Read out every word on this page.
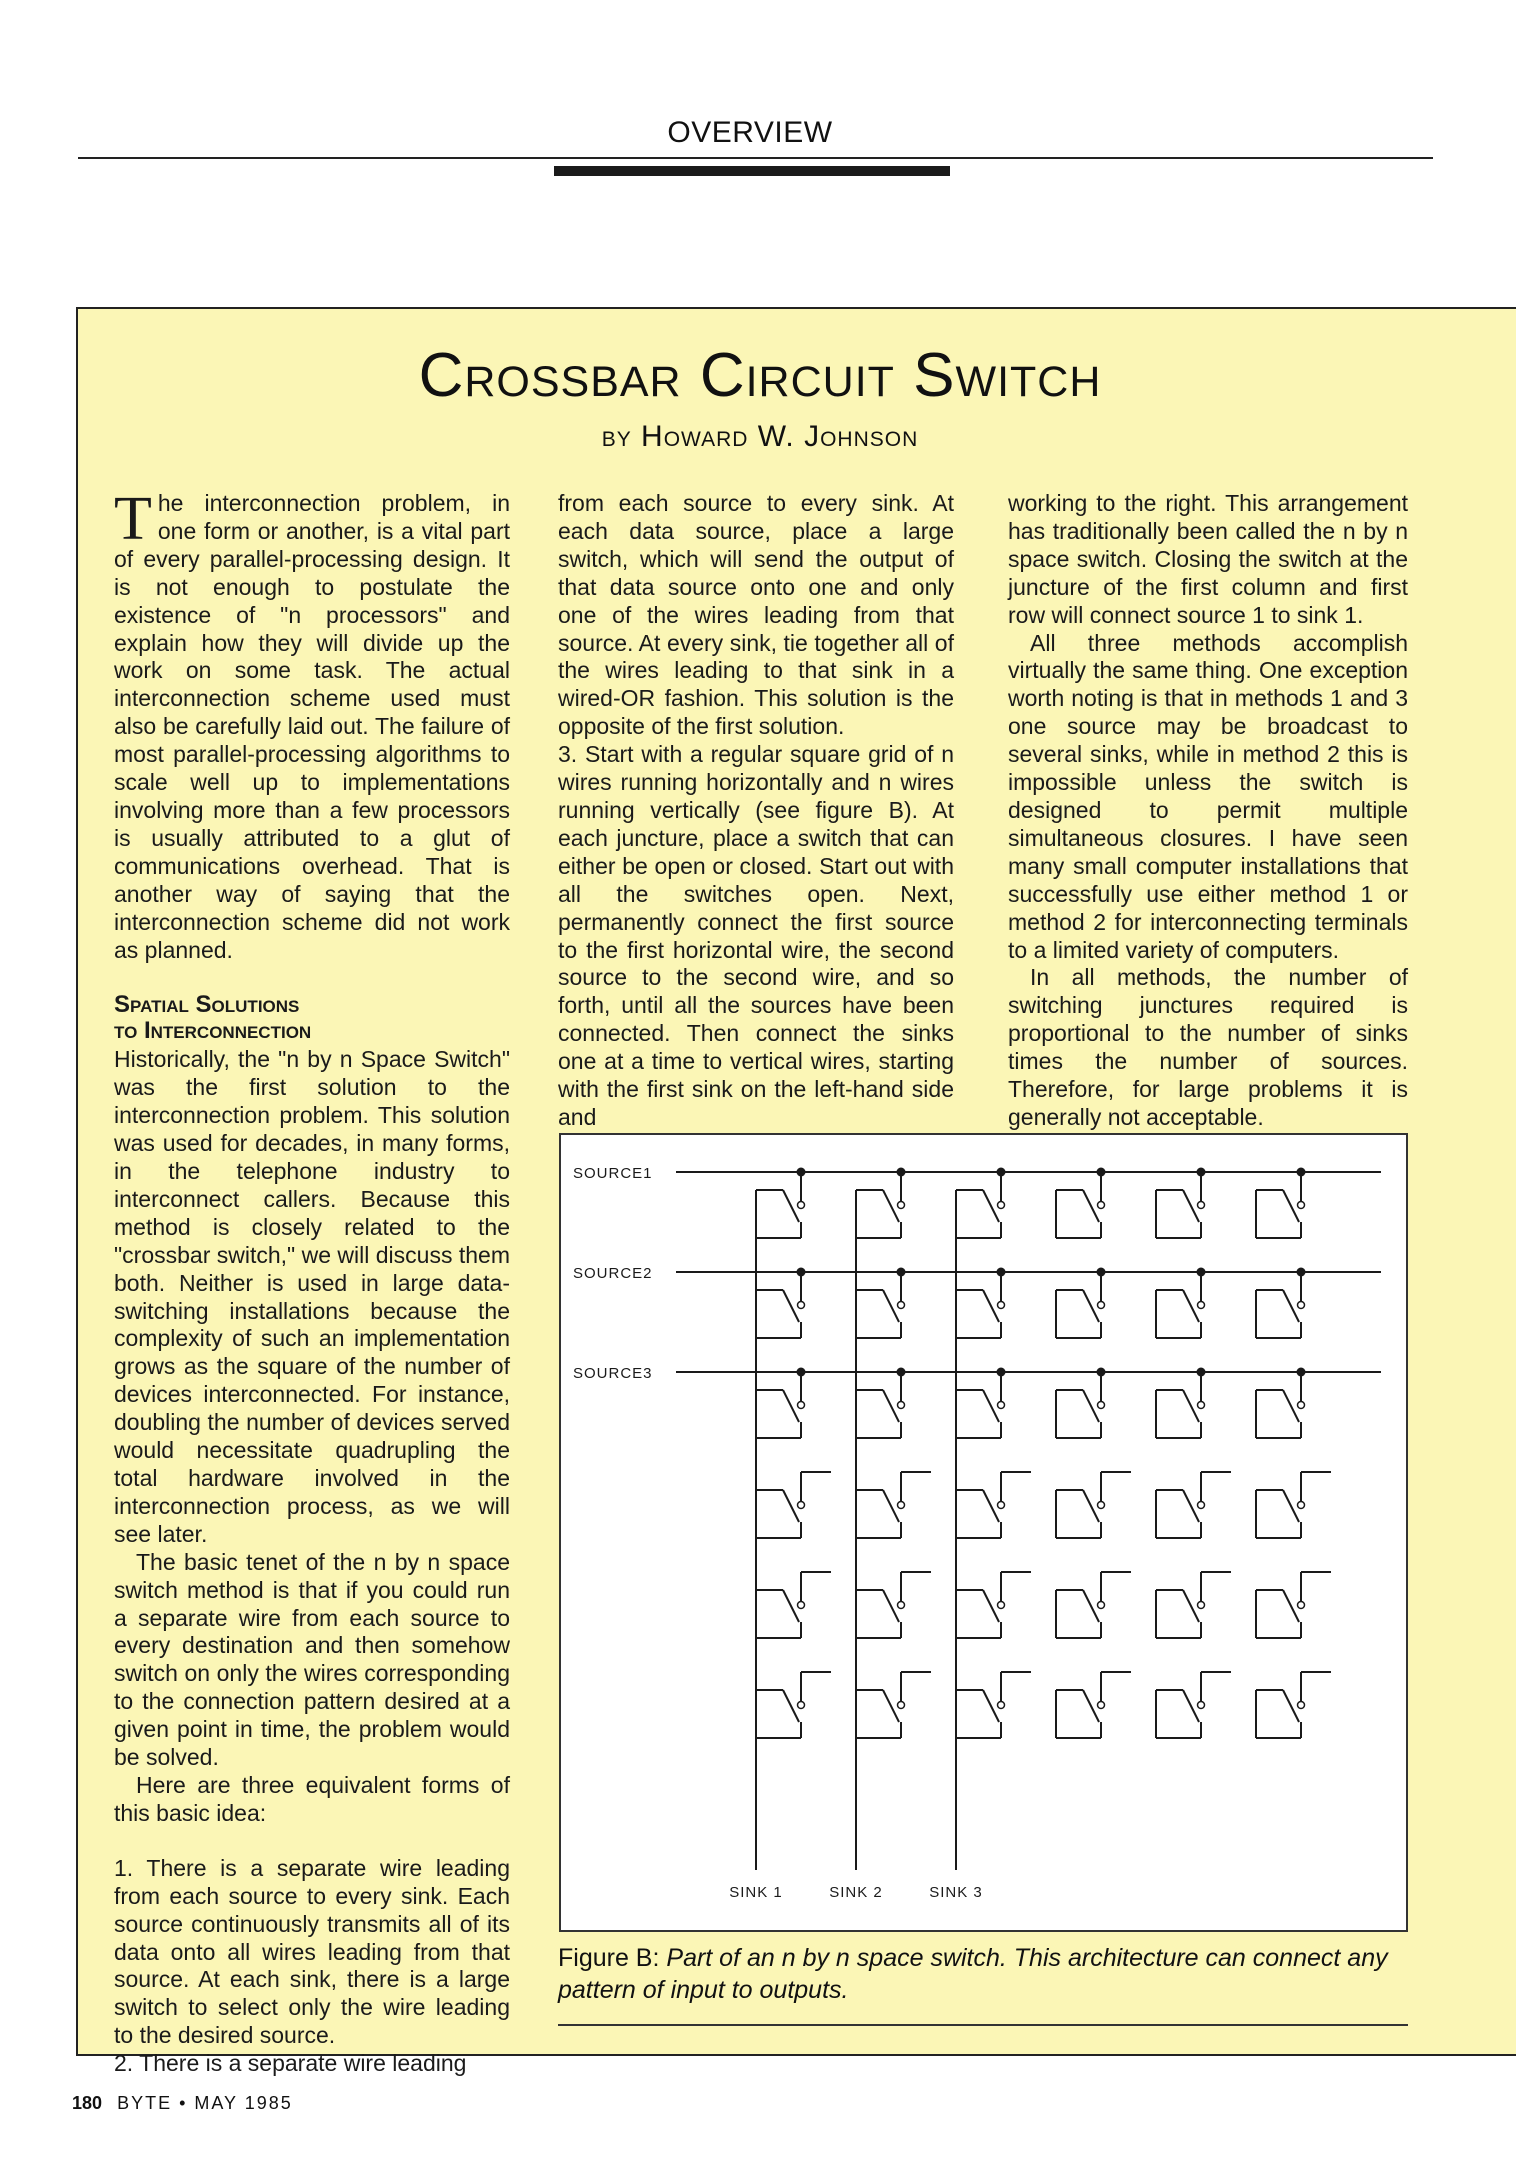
OVERVIEW
Crossbar Circuit Switch
by Howard W. Johnson

The interconnection problem, in one form or another, is a vital part of every parallel-processing design. It is not enough to postulate the existence of "n processors" and explain how they will divide up the work on some task. The actual interconnection scheme used must also be carefully laid out. The failure of most parallel-processing algorithms to scale well up to implementations involving more than a few processors is usually attributed to a glut of communications overhead. That is another way of saying that the interconnection scheme did not work as planned.

Spatial Solutions
to Interconnection

Historically, the "n by n Space Switch" was the first solution to the interconnection problem. This solution was used for decades, in many forms, in the telephone industry to interconnect callers. Because this method is closely related to the "crossbar switch," we will discuss them both. Neither is used in large data-switching installations because the complexity of such an implementation grows as the square of the number of devices interconnected. For instance, doubling the number of devices served would necessitate quadrupling the total hardware involved in the interconnection process, as we will see later.

The basic tenet of the n by n space switch method is that if you could run a separate wire from each source to every destination and then somehow switch on only the wires corresponding to the connection pattern desired at a given point in time, the problem would be solved.

Here are three equivalent forms of this basic idea:

1. There is a separate wire leading from each source to every sink. Each source continuously transmits all of its data onto all wires leading from that source. At each sink, there is a large switch to select only the wire leading to the desired source.

2. There is a separate wire leading

from each source to every sink. At each data source, place a large switch, which will send the output of that data source onto one and only one of the wires leading from that source. At every sink, tie together all of the wires leading to that sink in a wired-OR fashion. This solution is the opposite of the first solution.

3. Start with a regular square grid of n wires running horizontally and n wires running vertically (see figure B). At each juncture, place a switch that can either be open or closed. Start out with all the switches open. Next, permanently connect the first source to the first horizontal wire, the second source to the second wire, and so forth, until all the sources have been connected. Then connect the sinks one at a time to vertical wires, starting with the first sink on the left-hand side and

working to the right. This arrangement has traditionally been called the n by n space switch. Closing the switch at the juncture of the first column and first row will connect source 1 to sink 1.

All three methods accomplish virtually the same thing. One exception worth noting is that in methods 1 and 3 one source may be broadcast to several sinks, while in method 2 this is impossible unless the switch is designed to permit multiple simultaneous closures. I have seen many small computer installations that successfully use either method 1 or method 2 for interconnecting terminals to a limited variety of computers.

In all methods, the number of switching junctures required is proportional to the number of sinks times the number of sources. Therefore, for large problems it is generally not acceptable.

SOURCE1
SOURCE2
SOURCE3
SINK 1	SINK 2	SINK 3
Figure B: Part of an n by n space switch. This architecture can connect any pattern of input to outputs.
180 BYTE • MAY 1985
